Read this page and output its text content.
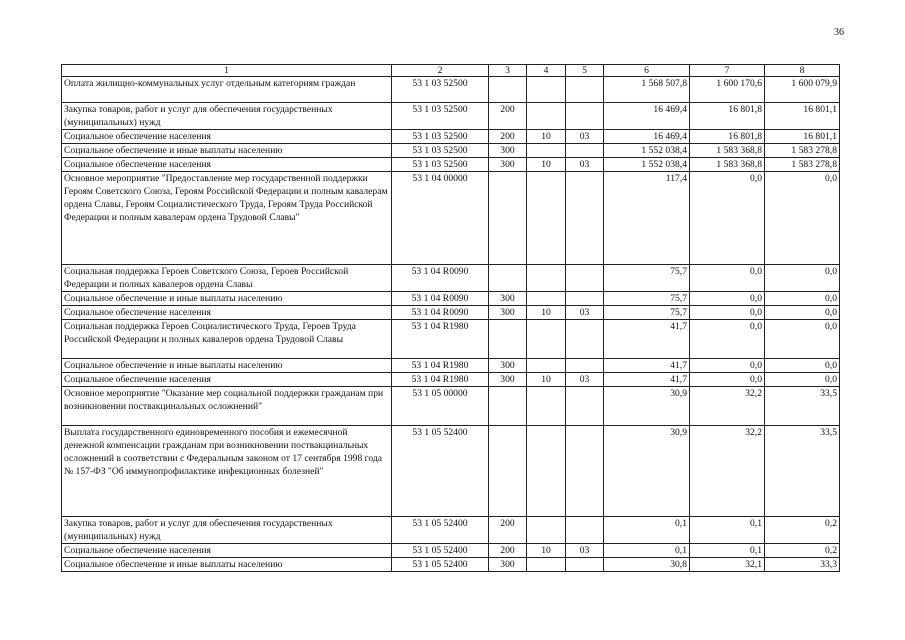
36
1	2	3	4	5	6	7	8
Оплата жилищно-коммунальных услуг отдельным категориям граждан	53 1 03 52500				1 568 507,8	1 600 170,6	1 600 079,9
Закупка товаров, работ и услуг для обеспечения государственных (муниципальных) нужд	53 1 03 52500	200			16 469,4	16 801,8	16 801,1
Социальное обеспечение населения	53 1 03 52500	200	10	03	16 469,4	16 801,8	16 801,1
Социальное обеспечение и иные выплаты населению	53 1 03 52500	300			1 552 038,4	1 583 368,8	1 583 278,8
Социальное обеспечение населения	53 1 03 52500	300	10	03	1 552 038,4	1 583 368,8	1 583 278,8
Основное мероприятие "Предоставление мер государственной поддержки Героям Советского Союза, Героям Российской Федерации и полным кавалерам ордена Славы, Героям Социалистического Труда, Героям Труда Российской Федерации и полным кавалерам ордена Трудовой Славы"	53 1 04 00000				117,4	0,0	0,0
Социальная поддержка Героев Советского Союза, Героев Российской Федерации и полных кавалеров ордена Славы	53 1 04 R0090				75,7	0,0	0,0
Социальное обеспечение и иные выплаты населению	53 1 04 R0090	300			75,7	0,0	0,0
Социальное обеспечение населения	53 1 04 R0090	300	10	03	75,7	0,0	0,0
Социальная поддержка Героев Социалистического Труда, Героев Труда Российской Федерации и полных кавалеров ордена Трудовой Славы	53 1 04 R1980				41,7	0,0	0,0
Социальное обеспечение и иные выплаты населению	53 1 04 R1980	300			41,7	0,0	0,0
Социальное обеспечение населения	53 1 04 R1980	300	10	03	41,7	0,0	0,0
Основное мероприятие "Оказание мер социальной поддержки гражданам при возникновении поствакцинальных осложнений"	53 1 05 00000				30,9	32,2	33,5
Выплата государственного единовременного пособия и ежемесячной денежной компенсации гражданам при возникновении поствакцинальных осложнений в соответствии с Федеральным законом от 17 сентября 1998 года № 157-ФЗ "Об иммунопрофилактике инфекционных болезней"	53 1 05 52400				30,9	32,2	33,5
Закупка товаров, работ и услуг для обеспечения государственных (муниципальных) нужд	53 1 05 52400	200			0,1	0,1	0,2
Социальное обеспечение населения	53 1 05 52400	200	10	03	0,1	0,1	0,2
Социальное обеспечение и иные выплаты населению	53 1 05 52400	300			30,8	32,1	33,3
